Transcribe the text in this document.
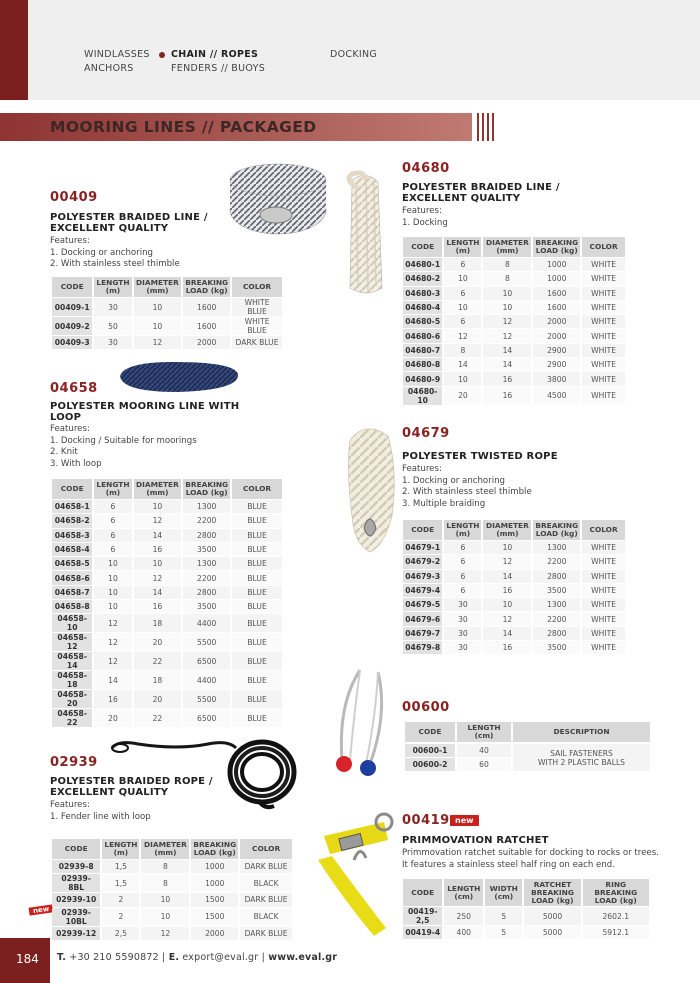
WINDLASSES
ANCHORS
CHAIN // ROPES
FENDERS // BUOYS
DOCKING
MOORING LINES // PACKAGED
00409
POLYESTER BRAIDED LINE /
EXCELLENT QUALITY
Features:
1. Docking or anchoring
2. With stainless steel thimble
CODE	LENGTH (m)	DIAMETER (mm)	BREAKING LOAD (kg)	COLOR
00409-1	30	10	1600	WHITE BLUE
00409-2	50	10	1600	WHITE BLUE
00409-3	30	12	2000	DARK BLUE
04680
POLYESTER BRAIDED LINE /
EXCELLENT QUALITY
Features:
1. Docking
CODE	LENGTH (m)	DIAMETER (mm)	BREAKING LOAD (kg)	COLOR
04680-1	6	8	1000	WHITE
04680-2	10	8	1000	WHITE
04680-3	6	10	1600	WHITE
04680-4	10	10	1600	WHITE
04680-5	6	12	2000	WHITE
04680-6	12	12	2000	WHITE
04680-7	8	14	2900	WHITE
04680-8	14	14	2900	WHITE
04680-9	10	16	3800	WHITE
04680-10	20	16	4500	WHITE
04658
POLYESTER MOORING LINE WITH
LOOP
Features:
1. Docking / Suitable for moorings
2. Knit
3. With loop
CODE	LENGTH (m)	DIAMETER (mm)	BREAKING LOAD (kg)	COLOR
04658-1	6	10	1300	BLUE
04658-2	6	12	2200	BLUE
04658-3	6	14	2800	BLUE
04658-4	6	16	3500	BLUE
04658-5	10	10	1300	BLUE
04658-6	10	12	2200	BLUE
04658-7	10	14	2800	BLUE
04658-8	10	16	3500	BLUE
04658-10	12	18	4400	BLUE
04658-12	12	20	5500	BLUE
04658-14	12	22	6500	BLUE
04658-18	14	18	4400	BLUE
04658-20	16	20	5500	BLUE
04658-22	20	22	6500	BLUE
04679
POLYESTER TWISTED ROPE
Features:
1. Docking or anchoring
2. With stainless steel thimble
3. Multiple braiding
CODE	LENGTH (m)	DIAMETER (mm)	BREAKING LOAD (kg)	COLOR
04679-1	6	10	1300	WHITE
04679-2	6	12	2200	WHITE
04679-3	6	14	2800	WHITE
04679-4	6	16	3500	WHITE
04679-5	30	10	1300	WHITE
04679-6	30	12	2200	WHITE
04679-7	30	14	2800	WHITE
04679-8	30	16	3500	WHITE
00600
CODE	LENGTH (cm)	DESCRIPTION
00600-1	40
00600-2	60
SAIL FASTENERS
WITH 2 PLASTIC BALLS
02939
POLYESTER BRAIDED ROPE /
EXCELLENT QUALITY
Features:
1. Fender line with loop
new
CODE	LENGTH (m)	DIAMETER (mm)	BREAKING LOAD (kg)	COLOR
02939-8	1,5	8	1000	DARK BLUE
02939-8BL	1,5	8	1000	BLACK
02939-10	2	10	1500	DARK BLUE
02939-10BL	2	10	1500	BLACK
02939-12	2,5	12	2000	DARK BLUE
00419 new
PRIMMOVATION RATCHET
Primmovation ratchet suitable for docking to rocks or trees.
It features a stainless steel half ring on each end.
CODE	LENGTH (cm)	WIDTH (cm)	RATCHET BREAKING LOAD (kg)	RING BREAKING LOAD (kg)
00419-2,5	250	5	5000	2602.1
00419-4	400	5	5000	5912.1
184	T. +30 210 5590872 | E. export@eval.gr | www.eval.gr
